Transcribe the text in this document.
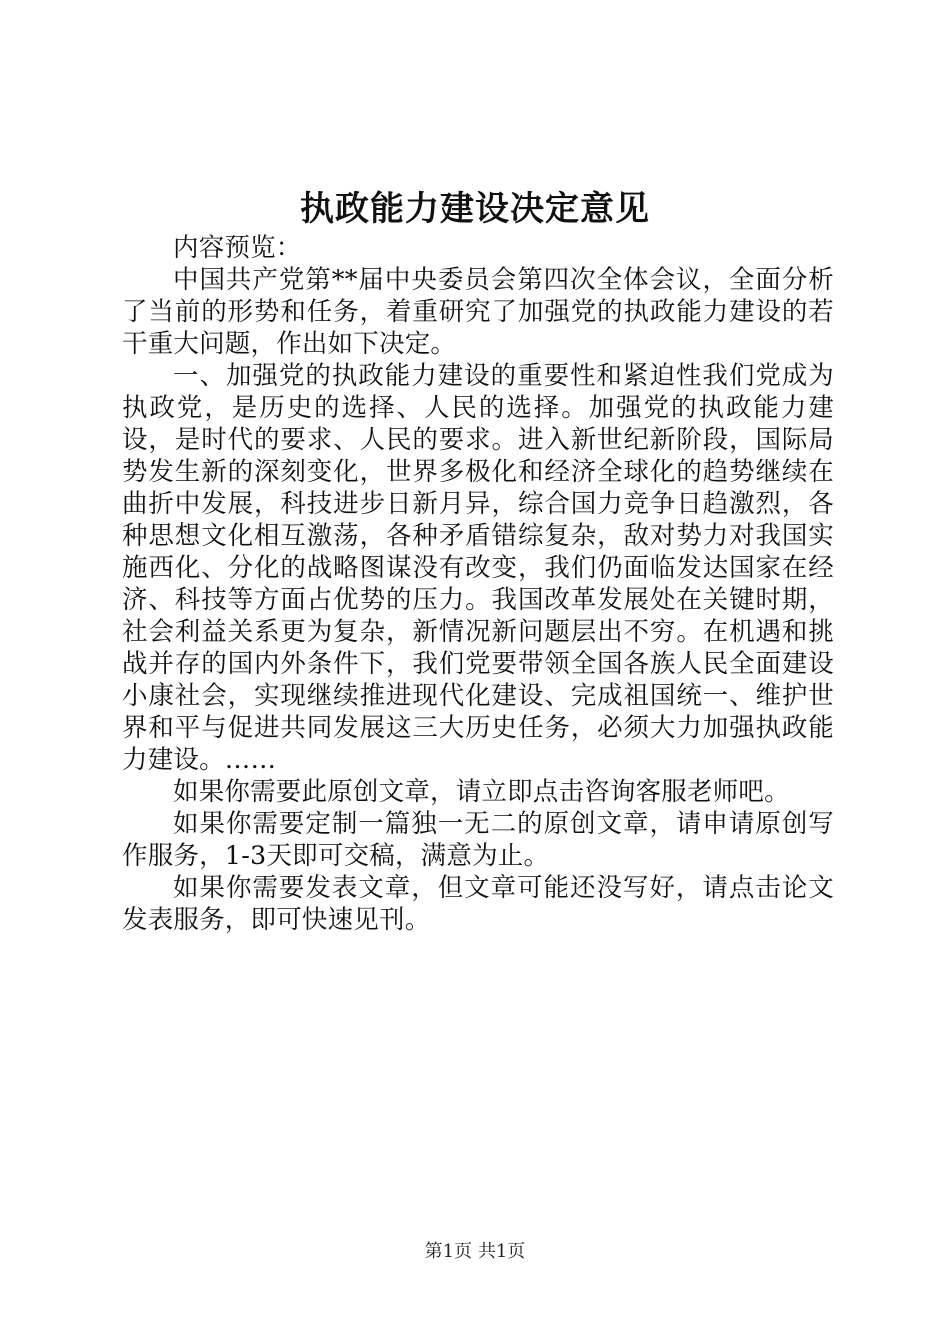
执政能力建设决定意见

内容预览：

中国共产党第**届中央委员会第四次全体会议，全面分析了当前的形势和任务，着重研究了加强党的执政能力建设的若干重大问题，作出如下决定。

一、加强党的执政能力建设的重要性和紧迫性我们党成为执政党，是历史的选择、人民的选择。加强党的执政能力建设，是时代的要求、人民的要求。进入新世纪新阶段，国际局势发生新的深刻变化，世界多极化和经济全球化的趋势继续在曲折中发展，科技进步日新月异，综合国力竞争日趋激烈，各种思想文化相互激荡，各种矛盾错综复杂，敌对势力对我国实施西化、分化的战略图谋没有改变，我们仍面临发达国家在经济、科技等方面占优势的压力。我国改革发展处在关键时期，社会利益关系更为复杂，新情况新问题层出不穷。在机遇和挑战并存的国内外条件下，我们党要带领全国各族人民全面建设小康社会，实现继续推进现代化建设、完成祖国统一、维护世界和平与促进共同发展这三大历史任务，必须大力加强执政能力建设。……

如果你需要此原创文章，请立即点击咨询客服老师吧。

如果你需要定制一篇独一无二的原创文章，请申请原创写作服务，1-3天即可交稿，满意为止。

如果你需要发表文章，但文章可能还没写好，请点击论文发表服务，即可快速见刊。

第1页 共1页
